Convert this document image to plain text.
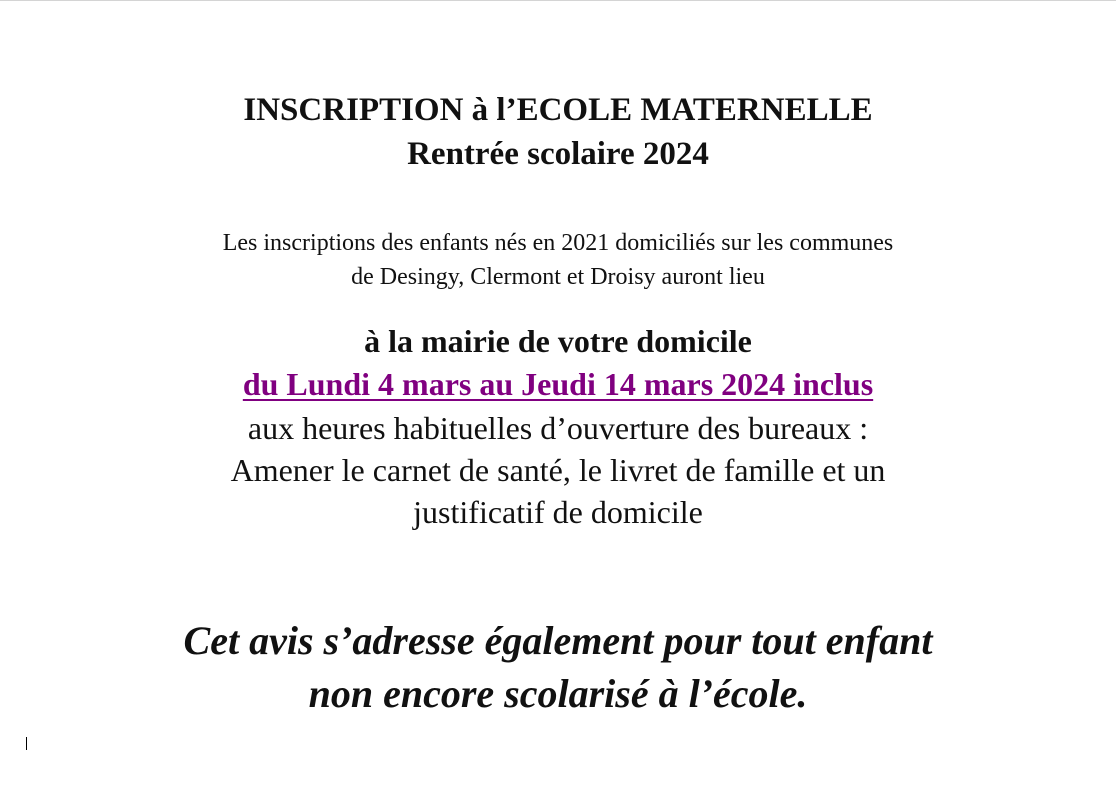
INSCRIPTION à l’ECOLE MATERNELLE
Rentrée scolaire 2024
Les inscriptions des enfants nés en 2021 domiciliés sur les communes
de Desingy, Clermont et Droisy auront lieu
à la mairie de votre domicile
du Lundi 4 mars au Jeudi 14 mars 2024 inclus
aux heures habituelles d’ouverture des bureaux :
Amener le carnet de santé, le livret de famille et un
justificatif de domicile
Cet avis s’adresse également pour tout enfant
non encore scolarisé à l’école.
